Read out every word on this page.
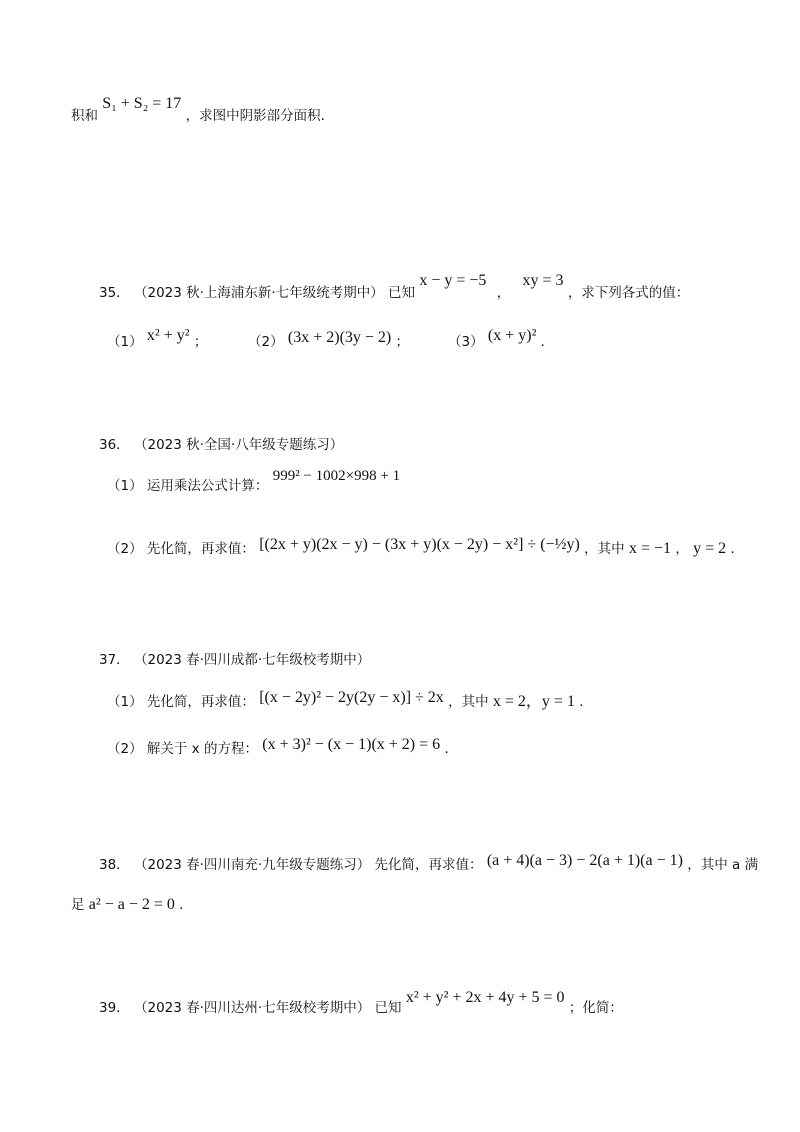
积和 S₁ + S₂ = 17 ，求图中阴影部分面积．
35． （2023 秋·上海浦东新·七年级统考期中） 已知 x − y = −5 ， xy = 3 ，求下列各式的值：
（1） x² + y² ；	（2） (3x + 2)(3y − 2) ；	（3） (x + y)² ．
36． （2023 秋·全国·八年级专题练习）
（1） 运用乘法公式计算： 999² − 1002×998 + 1
（2） 先化简，再求值： [(2x + y)(2x − y) − (3x + y)(x − 2y) − x²] ÷ (−½y) ，其中 x = −1 ， y = 2 ．
37． （2023 春·四川成都·七年级校考期中）
（1） 先化简，再求值： [(x − 2y)² − 2y(2y − x)] ÷ 2x ，其中 x = 2，y = 1 ．
（2） 解关于 x 的方程： (x + 3)² − (x − 1)(x + 2) = 6 ．
38． （2023 春·四川南充·九年级专题练习） 先化简，再求值： (a + 4)(a − 3) − 2(a + 1)(a − 1) ，其中 a 满
足 a² − a − 2 = 0 ．
39． （2023 春·四川达州·七年级校考期中） 已知 x² + y² + 2x + 4y + 5 = 0 ；化简：
